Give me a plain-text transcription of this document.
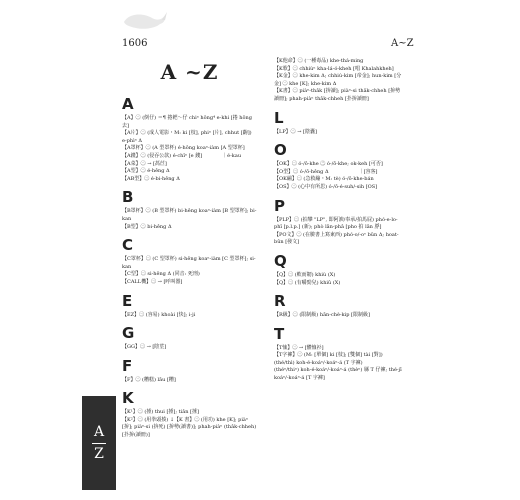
1606	A~Z
A ~Z
A

【A】㊁ (倒仔) ＝¶ 捲耙～仔 chiⁿ hông⁴ e-khi [捲 hông 去]

【A片】㊁ (成人電影・M: ki [枝], phiⁿ [片], chhut [齣]) e-phìⁿ Δ

【A罩杯】㊁ (A 型罩杯) é-hông koaⁿ-iàm [A 型罩杯]

【A錢】㊁ (侵吞公款) é-chîⁿ [e 錢]　　　　｜é-kau

【A菜】㊁ → [萵苣]

【A型】㊁ é-hêng Δ

【AB型】㊁ é-bi-hêng Δ

B

【B罩杯】㊁ (B 型罩杯) bi-hêng koaⁿ-iàm [B 型罩杯]; bi-kan

【B型】㊁ bi-hêng Δ

C

【C罩杯】㊁ (C 型罩杯) si-hêng koaⁿ-iàm [C 型罩杯]; si-kan

【C型】㊁ si-hêng Δ (同音: 死刑)

【CALL機】㊁ → [呼叫器]

E

【EZ】㊁ (容易) khoài [快]; i-ji

G

【GG】㊁ → [陰莖]

F

【F】㊁ (糟糕) lāu [糟]

K

【K¹】㊁ (捶) thui [捶]; tiân [捶]

【K²】㊁ (用拳頭揍) ↓【K 書】㊁ (用功) khe [K]; piàⁿ [拚]; piàⁿ-si (拚死) [拚勢(讀書)]; phah-piàⁿ (thâk-chheh) [扑拚(讀冊)]

【K他命】㊁ (一種毒品) khe-thá-ming

【K歌】㊁ chhiùⁿ kha-lá-ó-kheh [唱 Khalahkheh]

【K金】㊁ khe-kim Δ; chhiú-kim [帝金]; hun-kim [分金] ㊁ khe [K]; khe-kim Δ

【K書】㊁ piàⁿ-thâk [拚讀]; piàⁿ-si thâk-chheh [拚勢讀冊]; phah-piàⁿ thâk-chheh [扑拚讀冊]

L

【LP】㊁ → [陰囊]

O

【OK】㊁ ó-/ō-khe ㊂ ó-/ō-khe; ok-keh [可否]

【O型】㊁ ó-/ō-hêng Δ　　　　　　｜[容客]

【OK繃】㊁ (急救繃・M: tè) ó-/ō-khe-bán

【OS】㊁ (心中有所思) ó-/ō-é-suh/-sih [OS]

P

【PLP】㊁ (拍攀 "LP", 即阿諛/奉承/拍馬屁) phó-e-lo-phî [p.l.p.] (新); phò lān-phâ [pho 拍 lān 脬]

【PO文】㊁ (在臉書上寫東西) phó-o/-oᵉ bûn Δ; hoat-bûn [發文]

Q

【Q】㊁ (軟而韌) khiù (X)

【Q】㊁ (有嚼勁兒) khiû (X)

R

【R級】㊁ (限制級) hān-chè-kip [限制級]

T

【T恤】㊁ → [體恤衫]

【T字褲】㊁ (M: [單個] ki [枝]; [雙個] tài [對]) (thé/thì) koh-é-koáⁿ/-koáⁿ-á (T 字褲)

(théⁿ/thiⁿ) koh-é-koáⁿ/-koáⁿ-á (thèⁿ) 縣 T 仔褲; thé-jī koáⁿ/-koáⁿ-á [T 字褲]

A
Z
